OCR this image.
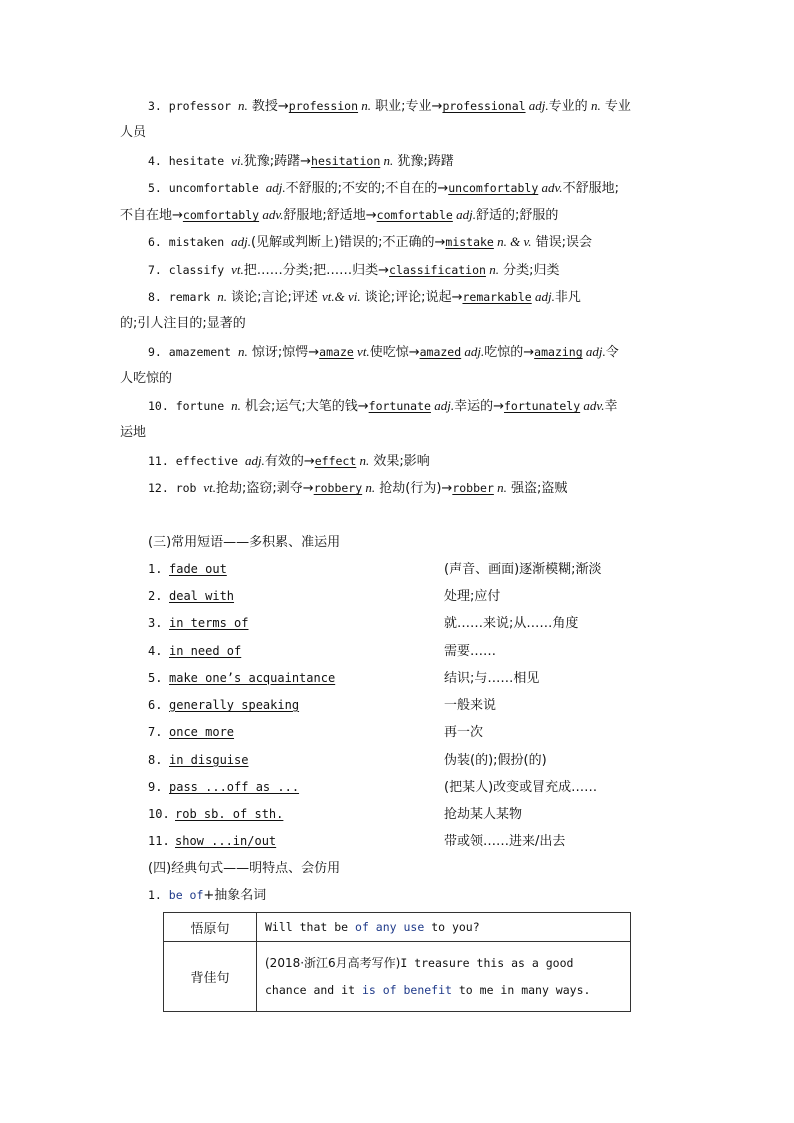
3. professor n. 教授→profession n. 职业;专业→professional adj.专业的 n. 专业
人员
4. hesitate vi.犹豫;踌躇→hesitation n. 犹豫;踌躇
5. uncomfortable adj.不舒服的;不安的;不自在的→uncomfortably adv.不舒服地;
不自在地→comfortably adv.舒服地;舒适地→comfortable adj.舒适的;舒服的
6. mistaken adj.(见解或判断上)错误的;不正确的→mistake n. & v. 错误;误会
7. classify vt.把……分类;把……归类→classification n. 分类;归类
8. remark n. 谈论;言论;评述 vt.& vi. 谈论;评论;说起→remarkable adj.非凡
的;引人注目的;显著的
9. amazement n. 惊讶;惊愕→amaze vt.使吃惊→amazed adj.吃惊的→amazing adj.令
人吃惊的
10. fortune n. 机会;运气;大笔的钱→fortunate adj.幸运的→fortunately adv.幸
运地
11. effective adj.有效的→effect n. 效果;影响
12. rob vt.抢劫;盗窃;剥夺→robbery n. 抢劫(行为)→robber n. 强盗;盗贼
(三)常用短语——多积累、准运用
1. fade out	(声音、画面)逐渐模糊;渐淡
2. deal with	处理;应付
3. in terms of	就……来说;从……角度
4. in need of	需要……
5. make one’s acquaintance	结识;与……相见
6. generally speaking	一般来说
7. once more	再一次
8. in disguise	伪装(的);假扮(的)
9. pass ...off as ...	(把某人)改变或冒充成……
10. rob sb. of sth.	抢劫某人某物
11. show ...in/out	带或领……进来/出去
(四)经典句式——明特点、会仿用
1. be of+抽象名词
悟原句	Will that be of any use to you?
背佳句	(2018·浙江6月高考写作)I treasure this as a good
chance and it is of benefit to me in many ways.
